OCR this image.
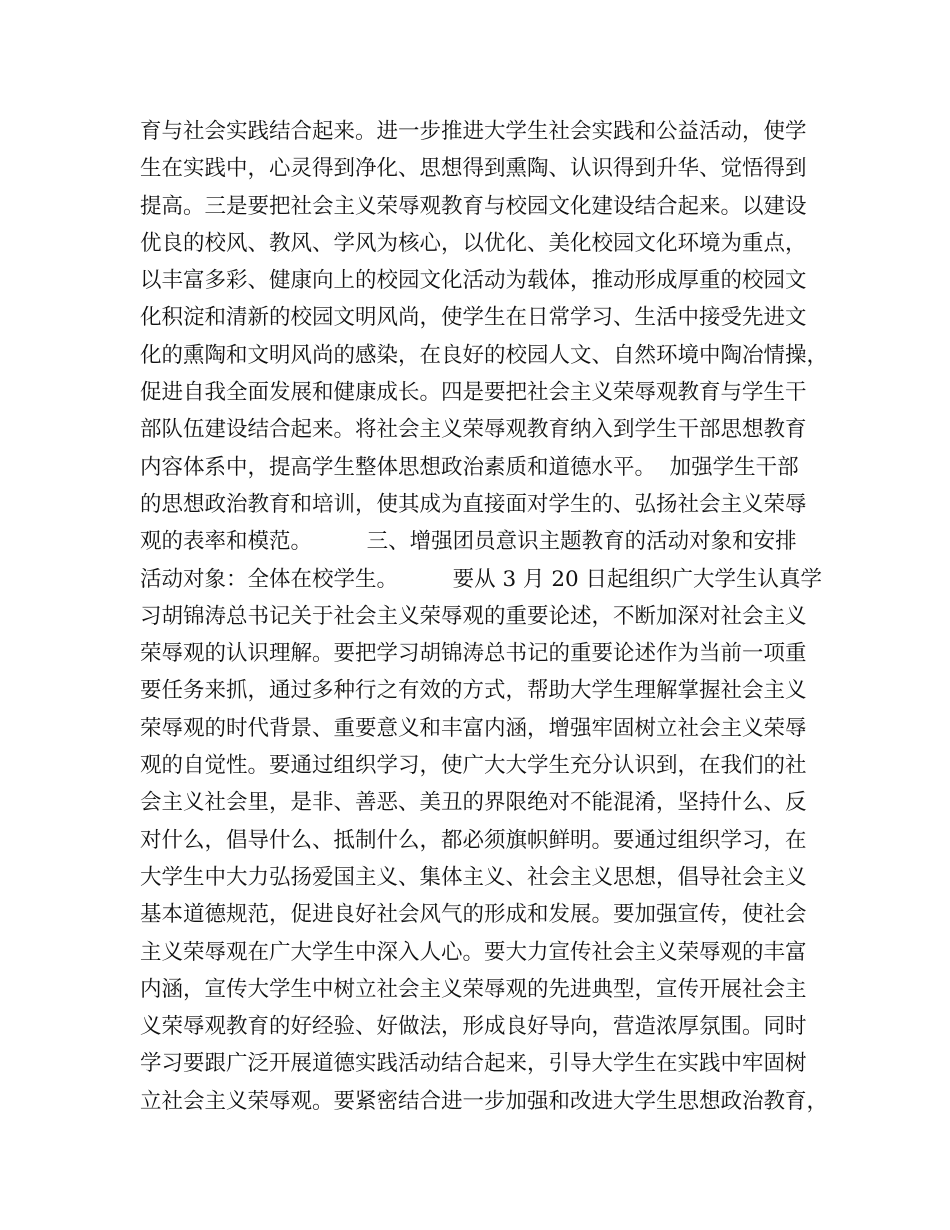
育与社会实践结合起来。进一步推进大学生社会实践和公益活动，使学
生在实践中，心灵得到净化、思想得到熏陶、认识得到升华、觉悟得到
提高。三是要把社会主义荣辱观教育与校园文化建设结合起来。以建设
优良的校风、教风、学风为核心，以优化、美化校园文化环境为重点，
以丰富多彩、健康向上的校园文化活动为载体，推动形成厚重的校园文
化积淀和清新的校园文明风尚，使学生在日常学习、生活中接受先进文
化的熏陶和文明风尚的感染，在良好的校园人文、自然环境中陶冶情操，
促进自我全面发展和健康成长。四是要把社会主义荣辱观教育与学生干
部队伍建设结合起来。将社会主义荣辱观教育纳入到学生干部思想教育
内容体系中，提高学生整体思想政治素质和道德水平。  加强学生干部
的思想政治教育和培训，使其成为直接面对学生的、弘扬社会主义荣辱
观的表率和模范。        三、增强团员意识主题教育的活动对象和安排
活动对象：全体在校学生。        要从 3 月 20 日起组织广大学生认真学
习胡锦涛总书记关于社会主义荣辱观的重要论述，不断加深对社会主义
荣辱观的认识理解。要把学习胡锦涛总书记的重要论述作为当前一项重
要任务来抓，通过多种行之有效的方式，帮助大学生理解掌握社会主义
荣辱观的时代背景、重要意义和丰富内涵，增强牢固树立社会主义荣辱
观的自觉性。要通过组织学习，使广大大学生充分认识到，在我们的社
会主义社会里，是非、善恶、美丑的界限绝对不能混淆，坚持什么、反
对什么，倡导什么、抵制什么，都必须旗帜鲜明。要通过组织学习，在
大学生中大力弘扬爱国主义、集体主义、社会主义思想，倡导社会主义
基本道德规范，促进良好社会风气的形成和发展。要加强宣传，使社会
主义荣辱观在广大学生中深入人心。要大力宣传社会主义荣辱观的丰富
内涵，宣传大学生中树立社会主义荣辱观的先进典型，宣传开展社会主
义荣辱观教育的好经验、好做法，形成良好导向，营造浓厚氛围。同时
学习要跟广泛开展道德实践活动结合起来，引导大学生在实践中牢固树
立社会主义荣辱观。要紧密结合进一步加强和改进大学生思想政治教育，
